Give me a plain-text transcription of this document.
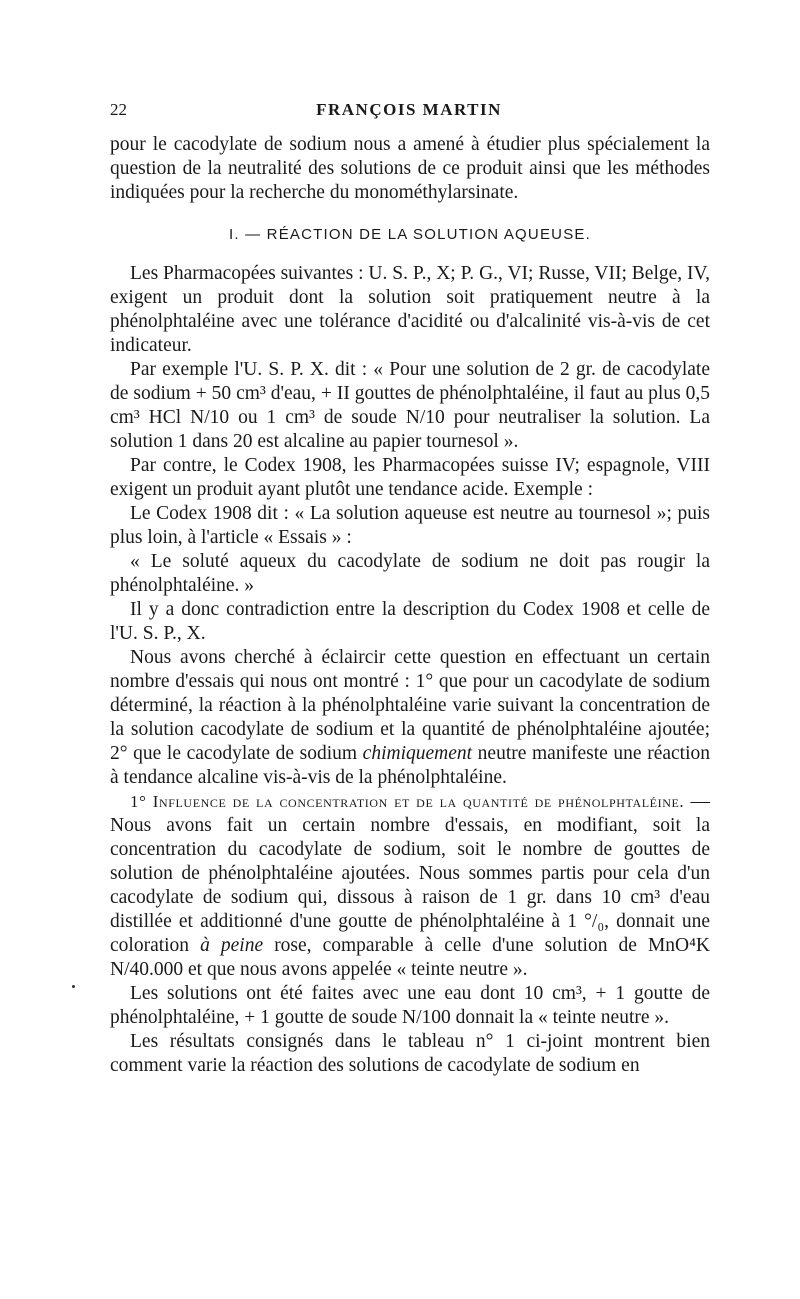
22	FRANÇOIS MARTIN

pour le cacodylate de sodium nous a amené à étudier plus spécialement la question de la neutralité des solutions de ce produit ainsi que les méthodes indiquées pour la recherche du monométhylarsinate.

I. — RÉACTION DE LA SOLUTION AQUEUSE.

Les Pharmacopées suivantes : U. S. P., X; P. G., VI; Russe, VII; Belge, IV, exigent un produit dont la solution soit pratiquement neutre à la phénolphtaléine avec une tolérance d'acidité ou d'alcalinité vis-à-vis de cet indicateur.

Par exemple l'U. S. P. X. dit : « Pour une solution de 2 gr. de cacodylate de sodium + 50 cm³ d'eau, + II gouttes de phénolphtaléine, il faut au plus 0,5 cm³ HCl N/10 ou 1 cm³ de soude N/10 pour neutraliser la solution. La solution 1 dans 20 est alcaline au papier tournesol ».

Par contre, le Codex 1908, les Pharmacopées suisse IV; espagnole, VIII exigent un produit ayant plutôt une tendance acide. Exemple :

Le Codex 1908 dit : « La solution aqueuse est neutre au tournesol »; puis plus loin, à l'article « Essais » :

« Le soluté aqueux du cacodylate de sodium ne doit pas rougir la phénolphtaléine. »

Il y a donc contradiction entre la description du Codex 1908 et celle de l'U. S. P., X.

Nous avons cherché à éclaircir cette question en effectuant un certain nombre d'essais qui nous ont montré : 1° que pour un cacodylate de sodium déterminé, la réaction à la phénolphtaléine varie suivant la concentration de la solution cacodylate de sodium et la quantité de phénolphtaléine ajoutée; 2° que le cacodylate de sodium chimiquement neutre manifeste une réaction à tendance alcaline vis-à-vis de la phénolphtaléine.

1° Influence de la concentration et de la quantité de phénolphtaléine. — Nous avons fait un certain nombre d'essais, en modifiant, soit la concentration du cacodylate de sodium, soit le nombre de gouttes de solution de phénolphtaléine ajoutées. Nous sommes partis pour cela d'un cacodylate de sodium qui, dissous à raison de 1 gr. dans 10 cm³ d'eau distillée et additionné d'une goutte de phénolphtaléine à 1 °/₀, donnait une coloration à peine rose, comparable à celle d'une solution de MnO⁴K N/40.000 et que nous avons appelée « teinte neutre ».

Les solutions ont été faites avec une eau dont 10 cm³, + 1 goutte de phénolphtaléine, + 1 goutte de soude N/100 donnait la « teinte neutre ».

Les résultats consignés dans le tableau n° 1 ci-joint montrent bien comment varie la réaction des solutions de cacodylate de sodium en
